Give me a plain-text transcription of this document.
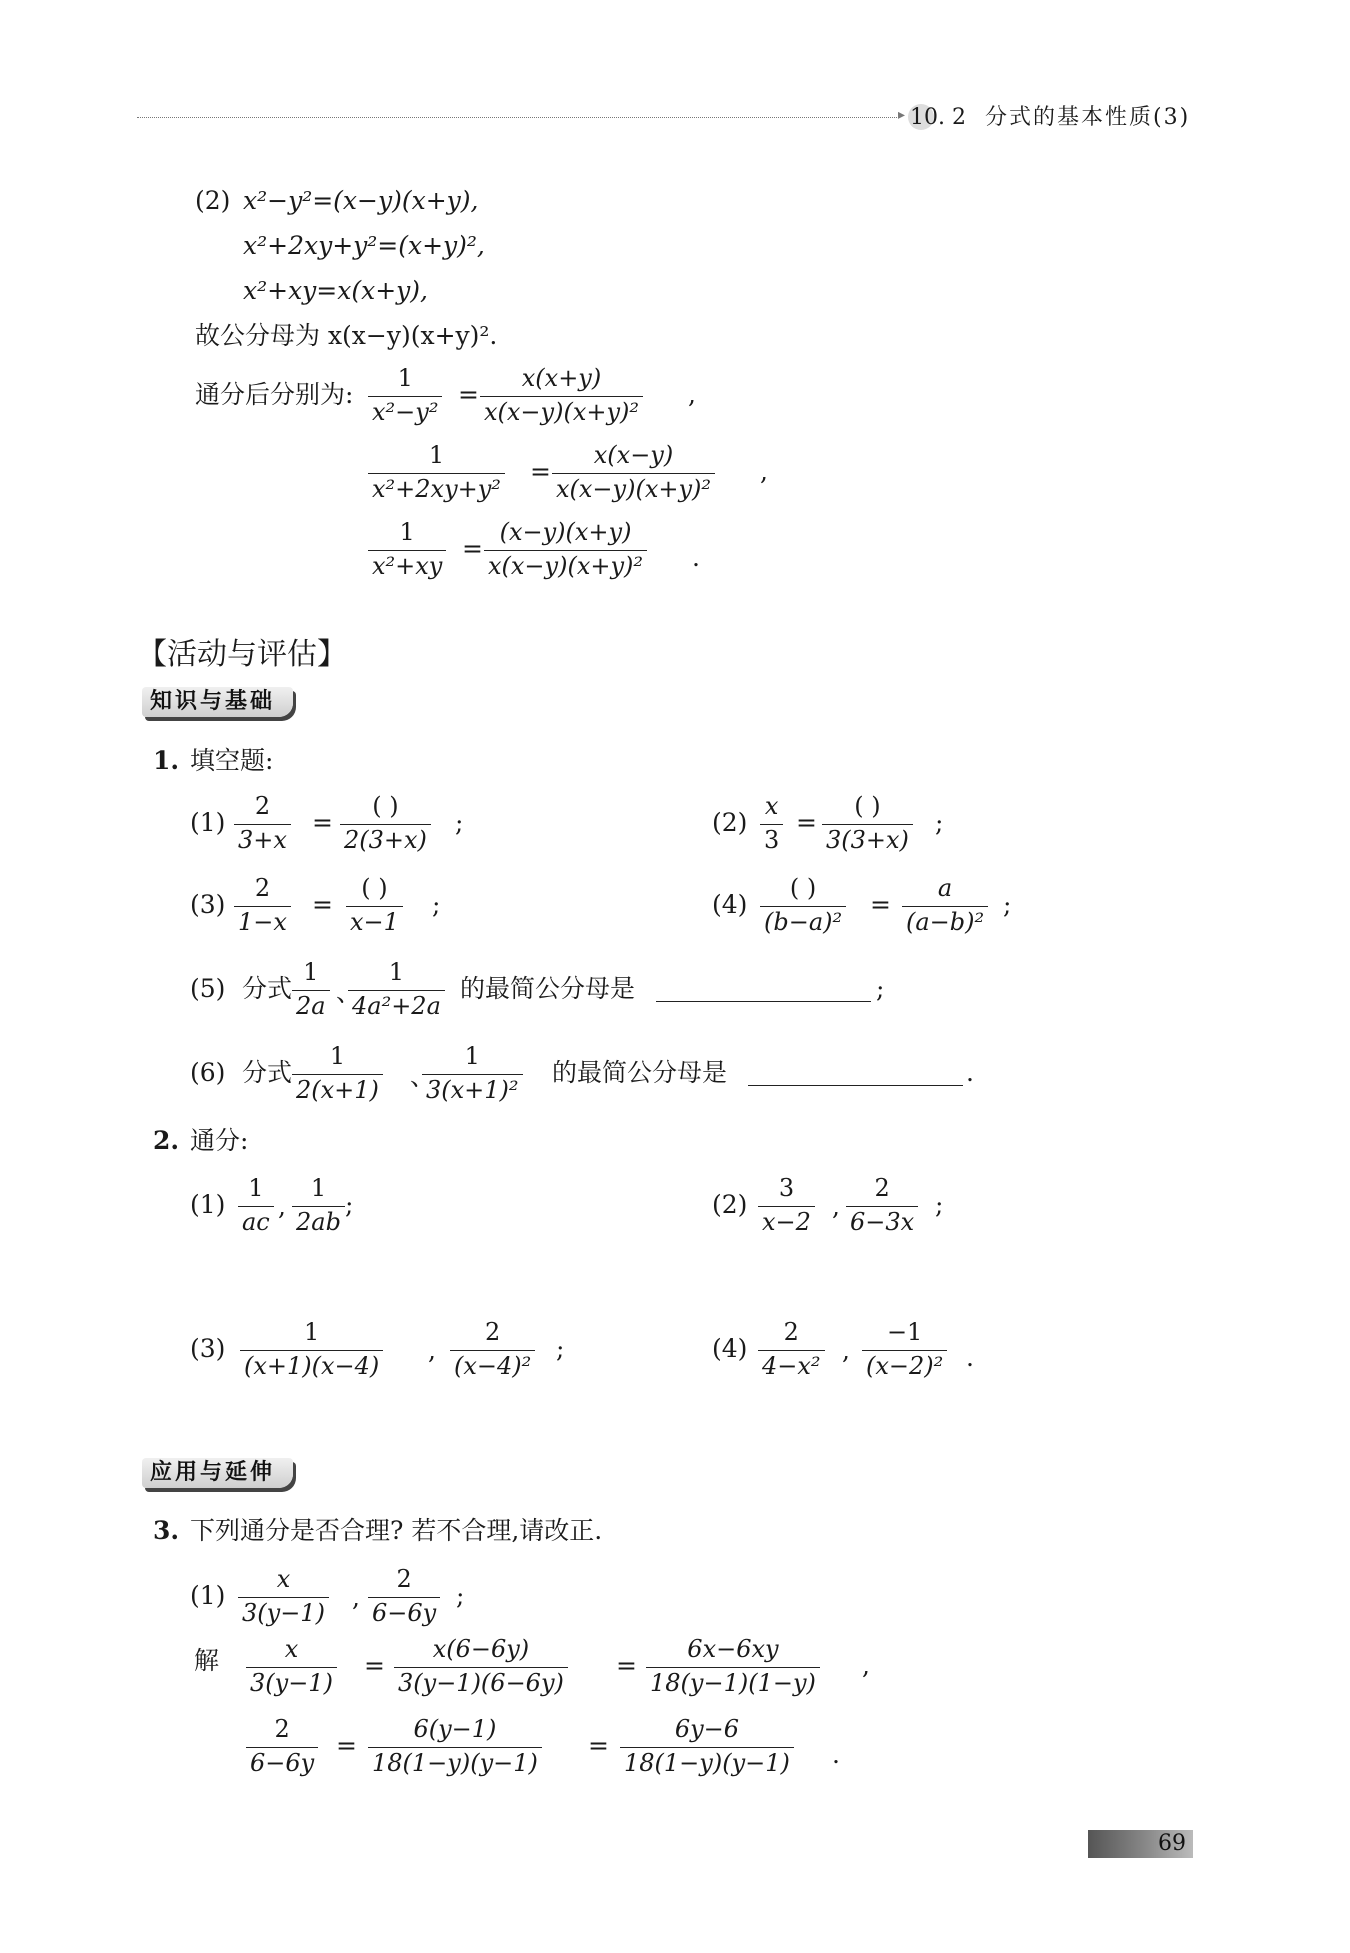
▸ 10. 2 分式的基本性质(3)
(2) x²−y²=(x−y)(x+y),
x²+2xy+y²=(x+y)²,
x²+xy=x(x+y),
故公分母为 x(x−y)(x+y)².
通分后分别为:
1
x²−y²
=
x(x+y)
x(x−y)(x+y)²
,
1
x²+2xy+y²
=
x(x−y)
x(x−y)(x+y)²
,
1
x²+xy
=
(x−y)(x+y)
x(x−y)(x+y)² .
【活动与评估】
知识与基础
1. 填空题:
(1)
2
3+x
=
( )
2(3+x)
;	(2)
x
3
=
( )
3(3+x)
;
(3)
2
1−x
=
( )
x−1
;	(4)
( )
(b−a)²
=
a
(a−b)²
;
(5) 分式
1
2a 、
1
4a²+2a
的最简公分母是	;
(6) 分式
1
2(x+1) 、
1
3(x+1)²
的最简公分母是	.
2. 通分:
(1)
1
ac
,
1
2ab
;	(2)
3
x−2
,
2
6−3x
;
(3)
1
(x+1)(x−4)
,
2
(x−4)²
;	(4)
2
4−x²
,
−1
(x−2)² .
应用与延伸
3. 下列通分是否合理? 若不合理,请改正.
(1)
x
3(y−1)
,
2
6−6y
;
解	x
3(y−1)
=
x(6−6y)
3(y−1)(6−6y)
=
6x−6xy
18(y−1)(1−y)
,
2
6−6y
=
6(y−1)
18(1−y)(y−1)
=
6y−6
18(1−y)(y−1) .
69
